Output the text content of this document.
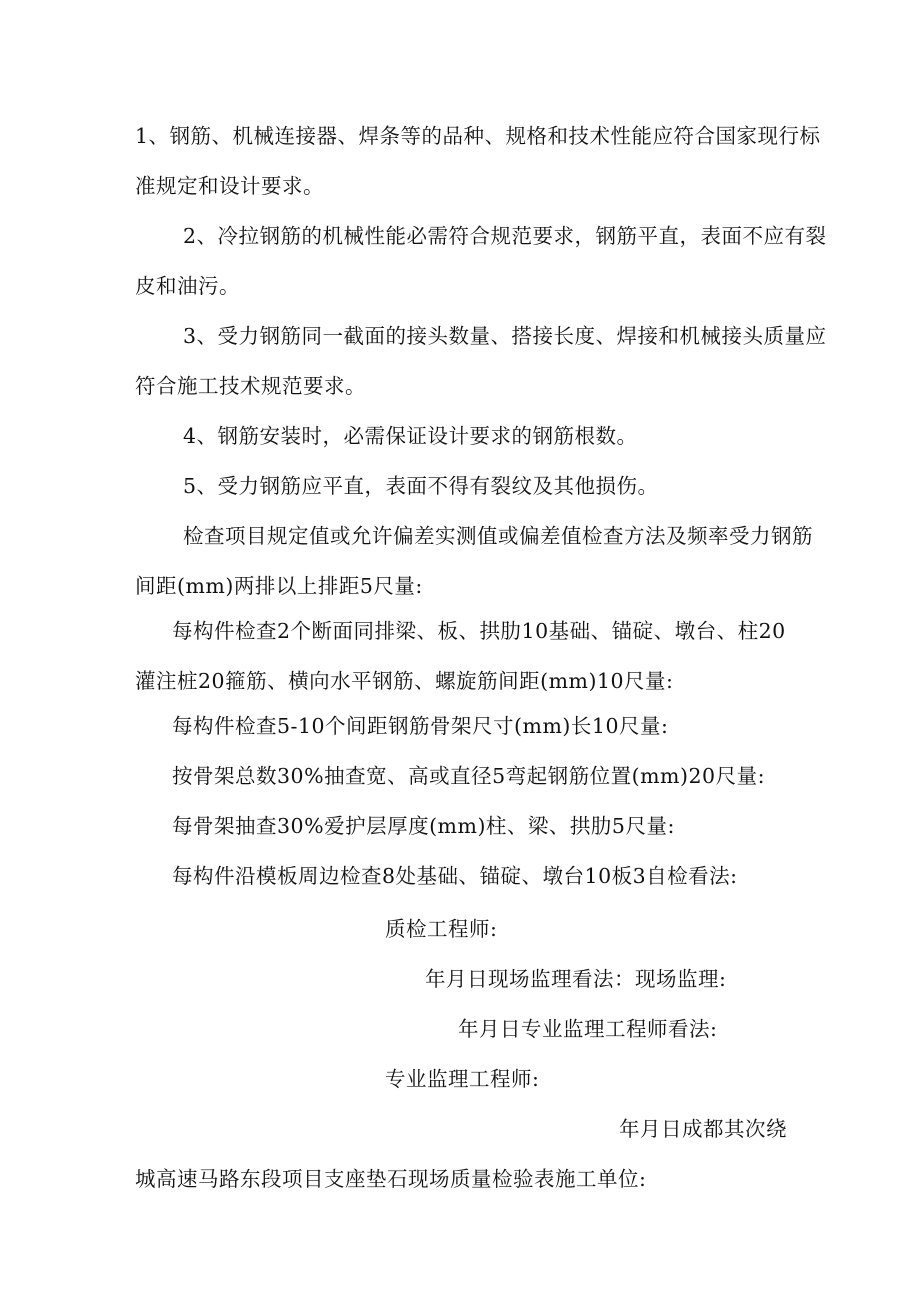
1、钢筋、机械连接器、焊条等的品种、规格和技术性能应符合国家现行标
准规定和设计要求。
2、冷拉钢筋的机械性能必需符合规范要求，钢筋平直，表面不应有裂
皮和油污。
3、受力钢筋同一截面的接头数量、搭接长度、焊接和机械接头质量应
符合施工技术规范要求。
4、钢筋安装时，必需保证设计要求的钢筋根数。
5、受力钢筋应平直，表面不得有裂纹及其他损伤。
检查项目规定值或允许偏差实测值或偏差值检查方法及频率受力钢筋
间距(mm)两排以上排距5尺量:
每构件检查2个断面同排梁、板、拱肋10基础、锚碇、墩台、柱20
灌注桩20箍筋、横向水平钢筋、螺旋筋间距(mm)10尺量:
每构件检查5-10个间距钢筋骨架尺寸(mm)长10尺量:
按骨架总数30%抽查宽、高或直径5弯起钢筋位置(mm)20尺量:
每骨架抽查30%爱护层厚度(mm)柱、梁、拱肋5尺量:
每构件沿模板周边检查8处基础、锚碇、墩台10板3自检看法:
质检工程师:
年月日现场监理看法：现场监理:
年月日专业监理工程师看法:
专业监理工程师:
年月日成都其次绕
城高速马路东段项目支座垫石现场质量检验表施工单位:
